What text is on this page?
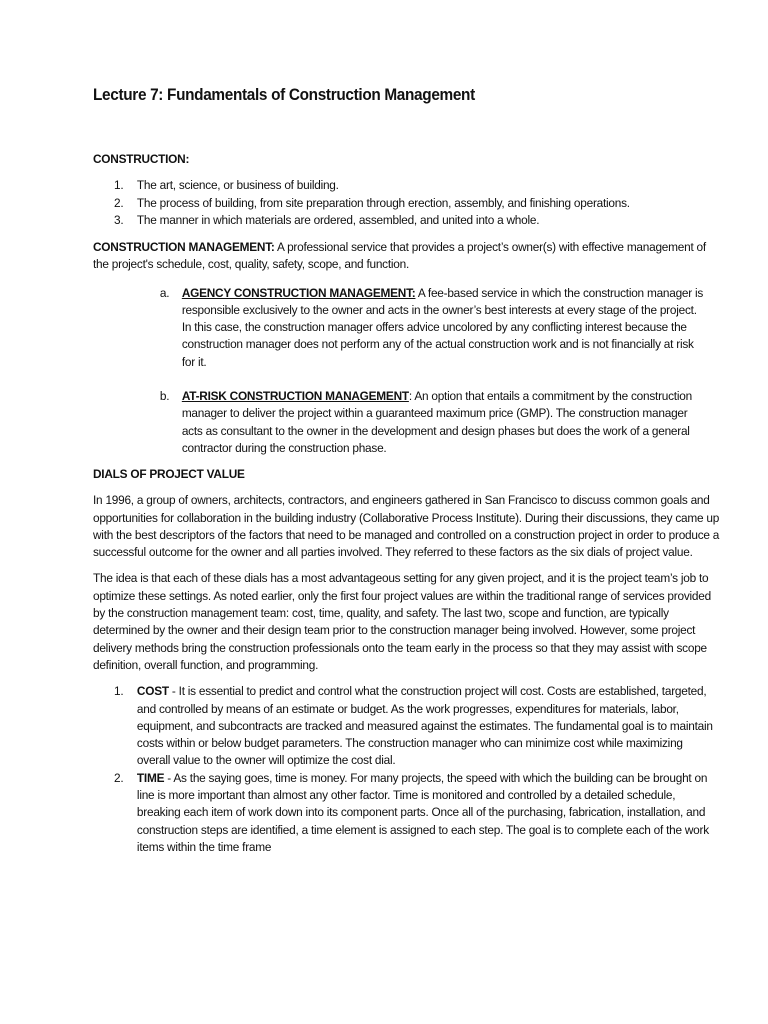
Lecture 7: Fundamentals of Construction Management

CONSTRUCTION:

1. The art, science, or business of building.
2. The process of building, from site preparation through erection, assembly, and finishing operations.
3. The manner in which materials are ordered, assembled, and united into a whole.

CONSTRUCTION MANAGEMENT: A professional service that provides a project’s owner(s) with effective management of the project's schedule, cost, quality, safety, scope, and function.

a. AGENCY CONSTRUCTION MANAGEMENT: A fee-based service in which the construction manager is responsible exclusively to the owner and acts in the owner’s best interests at every stage of the project. In this case, the construction manager offers advice uncolored by any conflicting interest because the construction manager does not perform any of the actual construction work and is not financially at risk for it.
b. AT-RISK CONSTRUCTION MANAGEMENT: An option that entails a commitment by the construction manager to deliver the project within a guaranteed maximum price (GMP). The construction manager acts as consultant to the owner in the development and design phases but does the work of a general contractor during the construction phase.

DIALS OF PROJECT VALUE

In 1996, a group of owners, architects, contractors, and engineers gathered in San Francisco to discuss common goals and opportunities for collaboration in the building industry (Collaborative Process Institute). During their discussions, they came up with the best descriptors of the factors that need to be managed and controlled on a construction project in order to produce a successful outcome for the owner and all parties involved. They referred to these factors as the six dials of project value.

The idea is that each of these dials has a most advantageous setting for any given project, and it is the project team’s job to optimize these settings. As noted earlier, only the first four project values are within the traditional range of services provided by the construction management team: cost, time, quality, and safety. The last two, scope and function, are typically determined by the owner and their design team prior to the construction manager being involved. However, some project delivery methods bring the construction professionals onto the team early in the process so that they may assist with scope definition, overall function, and programming.

1. COST - It is essential to predict and control what the construction project will cost. Costs are established, targeted, and controlled by means of an estimate or budget. As the work progresses, expenditures for materials, labor, equipment, and subcontracts are tracked and measured against the estimates. The fundamental goal is to maintain costs within or below budget parameters. The construction manager who can minimize cost while maximizing overall value to the owner will optimize the cost dial.
2. TIME - As the saying goes, time is money. For many projects, the speed with which the building can be brought on line is more important than almost any other factor. Time is monitored and controlled by a detailed schedule, breaking each item of work down into its component parts. Once all of the purchasing, fabrication, installation, and construction steps are identified, a time element is assigned to each step. The goal is to complete each of the work items within the time frame
